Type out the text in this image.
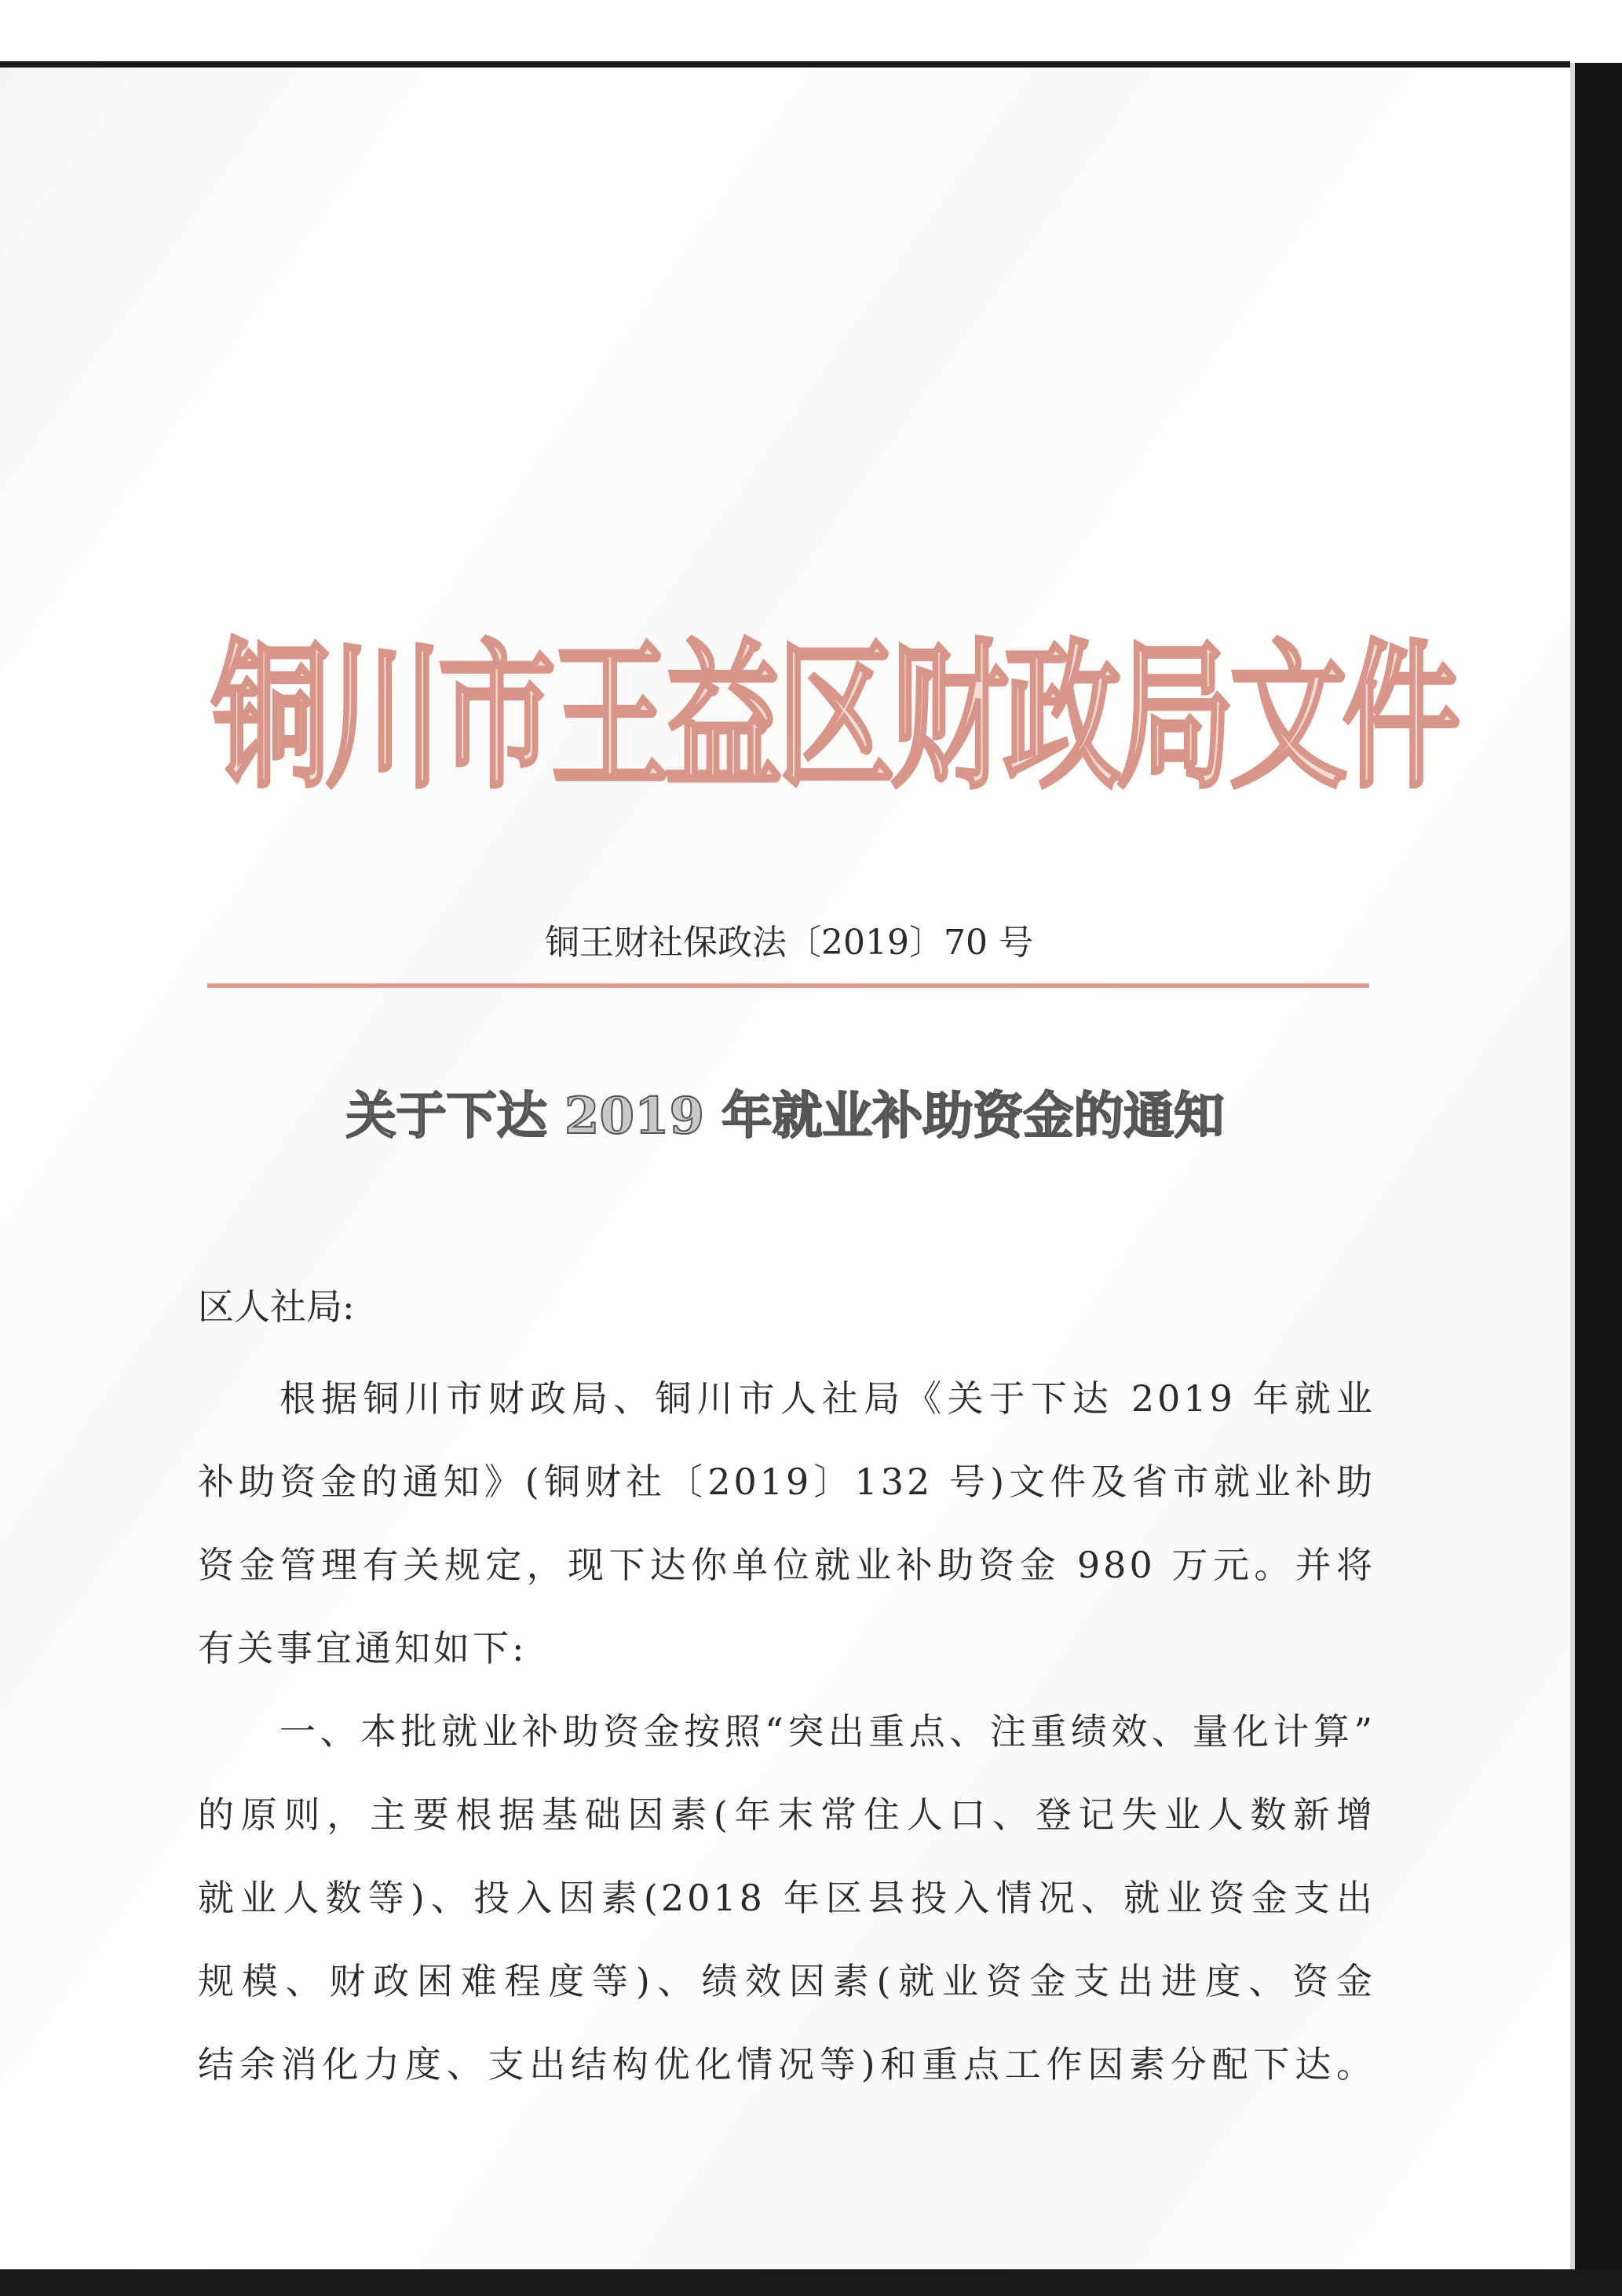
铜川市王益区财政局文件
铜王财社保政法〔2019〕70 号
关于下达 2019 年就业补助资金的通知
区人社局:
根据铜川市财政局、铜川市人社局《关于下达 2019 年就业
补助资金的通知》(铜财社〔2019〕132 号)文件及省市就业补助
资金管理有关规定，现下达你单位就业补助资金 980 万元。并将
有关事宜通知如下:
一、本批就业补助资金按照“突出重点、注重绩效、量化计算”
的原则，主要根据基础因素(年末常住人口、登记失业人数新增
就业人数等)、投入因素(2018 年区县投入情况、就业资金支出
规模、财政困难程度等)、绩效因素(就业资金支出进度、资金
结余消化力度、支出结构优化情况等)和重点工作因素分配下达。
